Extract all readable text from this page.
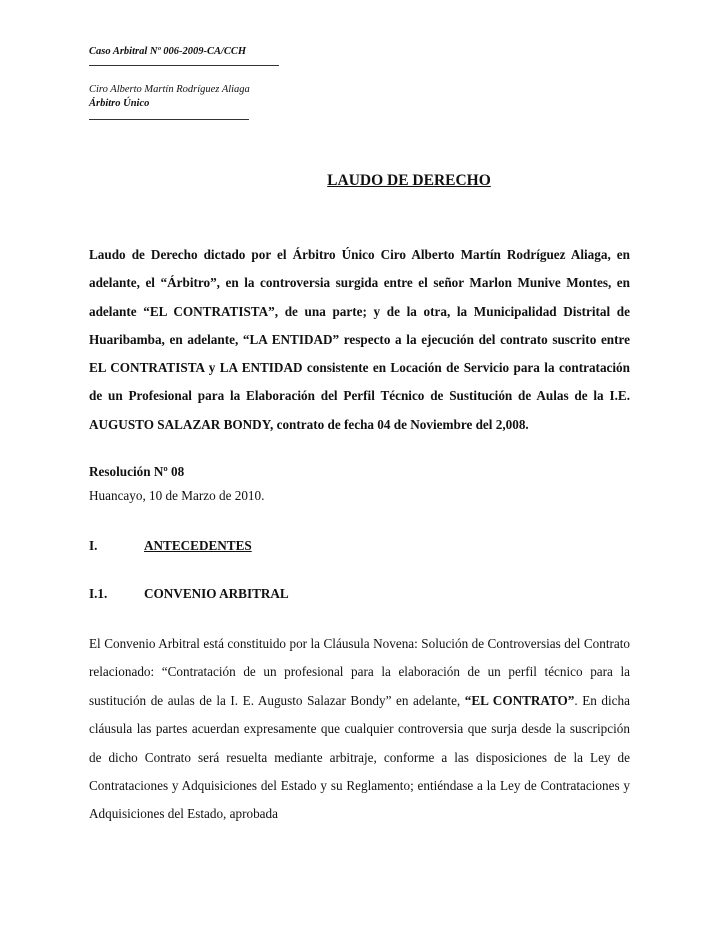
Caso Arbitral Nº 006-2009-CA/CCH
Ciro Alberto Martín Rodríguez Aliaga
Árbitro Único
LAUDO DE DERECHO
Laudo de Derecho dictado por el Árbitro Único Ciro Alberto Martín Rodríguez Aliaga, en adelante, el “Árbitro”, en la controversia surgida entre el señor Marlon Munive Montes, en adelante “EL CONTRATISTA”, de una parte; y de la otra, la Municipalidad Distrital de Huaribamba, en adelante, “LA ENTIDAD” respecto a la ejecución del contrato suscrito entre EL CONTRATISTA y LA ENTIDAD consistente en Locación de Servicio para la contratación de un Profesional para la Elaboración del Perfil Técnico de Sustitución de Aulas de la I.E. AUGUSTO SALAZAR BONDY, contrato de fecha 04 de Noviembre del 2,008.
Resolución Nº 08
Huancayo, 10 de Marzo de 2010.
I.	ANTECEDENTES
I.1.	CONVENIO ARBITRAL
El Convenio Arbitral está constituido por la Cláusula Novena: Solución de Controversias del Contrato relacionado: “Contratación de un profesional para la elaboración de un perfil técnico para la sustitución de aulas de la I. E. Augusto Salazar Bondy” en adelante, “EL CONTRATO”. En dicha cláusula las partes acuerdan expresamente que cualquier controversia que surja desde la suscripción de dicho Contrato será resuelta mediante arbitraje, conforme a las disposiciones de la Ley de Contrataciones y Adquisiciones del Estado y su Reglamento; entiéndase a la Ley de Contrataciones y Adquisiciones del Estado, aprobada
